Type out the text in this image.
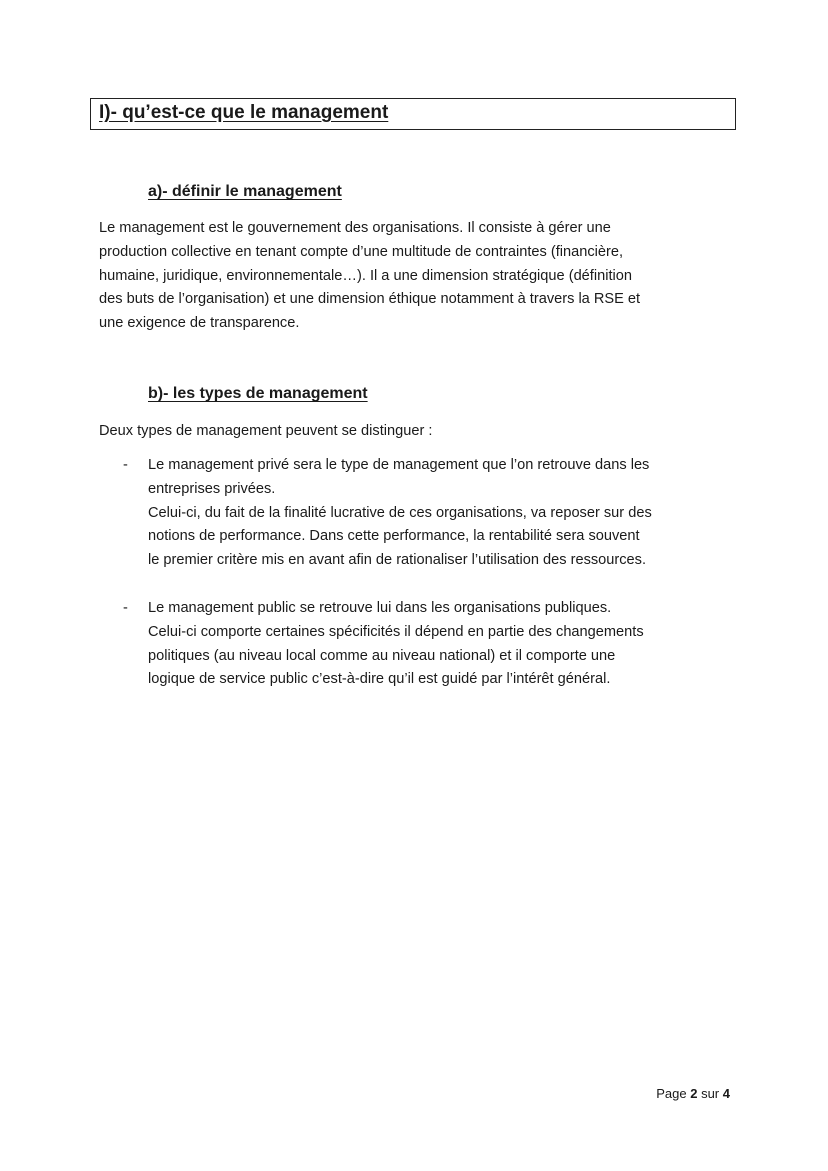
I)- qu’est-ce que le management
a)- définir le management

Le management est le gouvernement des organisations. Il consiste à gérer une
production collective en tenant compte d’une multitude de contraintes (financière,
humaine, juridique, environnementale…). Il a une dimension stratégique (définition
des buts de l’organisation) et une dimension éthique notamment à travers la RSE et
une exigence de transparence.

b)- les types de management

Deux types de management peuvent se distinguer :

- Le management privé sera le type de management que l’on retrouve dans les
entreprises privées.
Celui-ci, du fait de la finalité lucrative de ces organisations, va reposer sur des
notions de performance. Dans cette performance, la rentabilité sera souvent
le premier critère mis en avant afin de rationaliser l’utilisation des ressources.
- Le management public se retrouve lui dans les organisations publiques.
Celui-ci comporte certaines spécificités il dépend en partie des changements
politiques (au niveau local comme au niveau national) et il comporte une
logique de service public c’est-à-dire qu’il est guidé par l’intérêt général.
Page 2 sur 4
